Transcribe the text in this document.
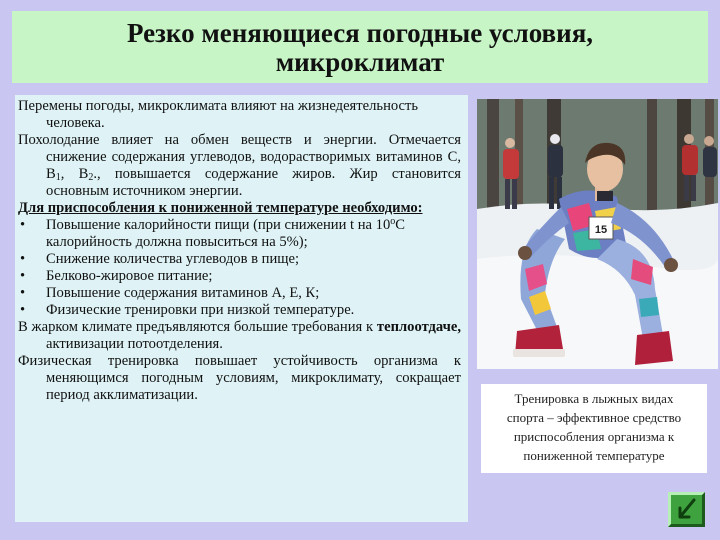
Резко меняющиеся погодные условия,
микроклимат

Перемены погоды, микроклимата влияют на жизнедеятельность человека.

Похолодание влияет на обмен веществ и энергии. Отмечается снижение содержания углеводов, водорастворимых витаминов С, $В_1$, $В_2$., повышается содержание жиров. Жир становится основным источником энергии.

Для приспособления к пониженной температуре необходимо:

• Повышение калорийности пищи (при снижении t на $10^оС$ калорийность должна повыситься на 5%);

• Снижение количества углеводов в пище;

• Белково-жировое питание;

• Повышение содержания витаминов А, Е, К;

• Физические тренировки при низкой температуре.

В жарком климате предъявляются большие требования к теплоотдаче, активизации потоотделения.

Физическая тренировка повышает устойчивость организма к меняющимся погодным условиям, микроклимату, сокращает период акклиматизации.

15
Тренировка в лыжных видах
спорта – эффективное средство
приспособления организма к
пониженной температуре
